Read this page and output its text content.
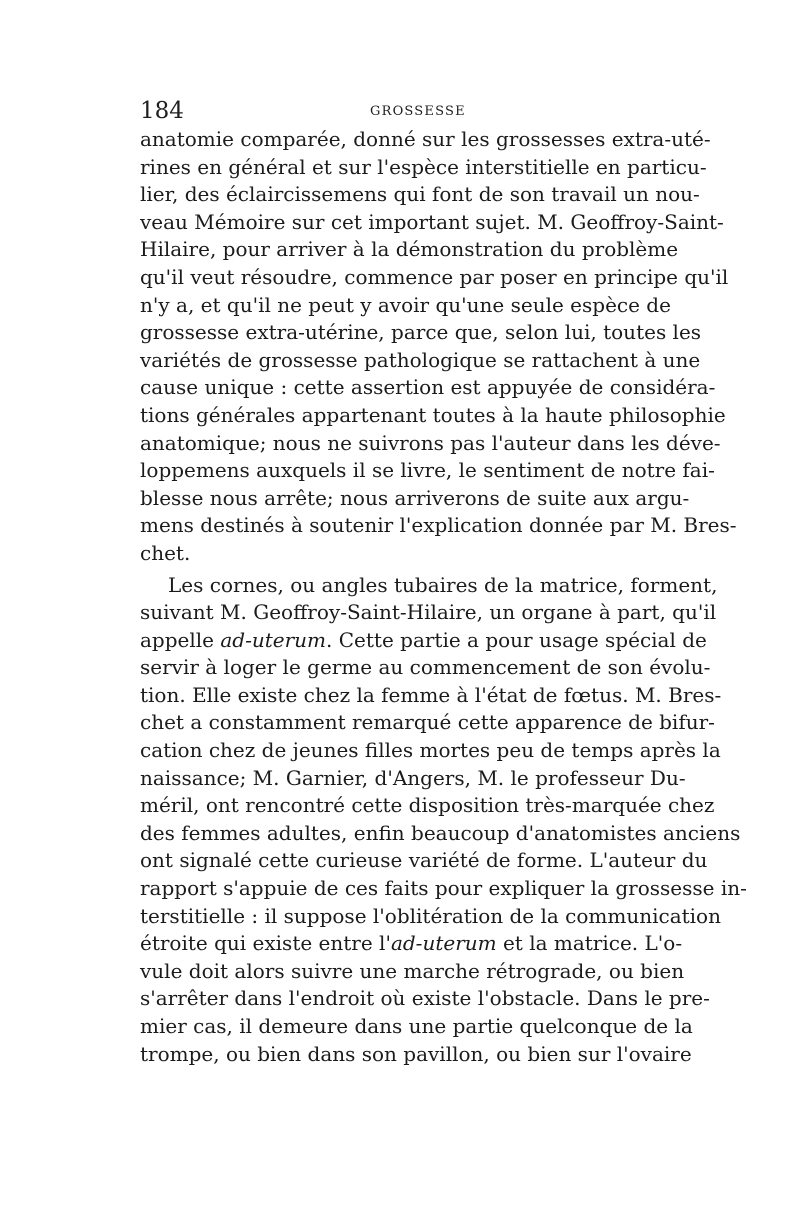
184	GROSSESSE

anatomie comparée, donné sur les grossesses extra-uté-
rines en général et sur l'espèce interstitielle en particu-
lier, des éclaircissemens qui font de son travail un nou-
veau Mémoire sur cet important sujet. M. Geoffroy-Saint-
Hilaire, pour arriver à la démonstration du problème
qu'il veut résoudre, commence par poser en principe qu'il
n'y a, et qu'il ne peut y avoir qu'une seule espèce de
grossesse extra-utérine, parce que, selon lui, toutes les
variétés de grossesse pathologique se rattachent à une
cause unique : cette assertion est appuyée de considéra-
tions générales appartenant toutes à la haute philosophie
anatomique; nous ne suivrons pas l'auteur dans les déve-
loppemens auxquels il se livre, le sentiment de notre fai-
blesse nous arrête; nous arriverons de suite aux argu-
mens destinés à soutenir l'explication donnée par M. Bres-
chet.

Les cornes, ou angles tubaires de la matrice, forment,
suivant M. Geoffroy-Saint-Hilaire, un organe à part, qu'il
appelle ad-uterum. Cette partie a pour usage spécial de
servir à loger le germe au commencement de son évolu-
tion. Elle existe chez la femme à l'état de fœtus. M. Bres-
chet a constamment remarqué cette apparence de bifur-
cation chez de jeunes filles mortes peu de temps après la
naissance; M. Garnier, d'Angers, M. le professeur Du-
méril, ont rencontré cette disposition très-marquée chez
des femmes adultes, enfin beaucoup d'anatomistes anciens
ont signalé cette curieuse variété de forme. L'auteur du
rapport s'appuie de ces faits pour expliquer la grossesse in-
terstitielle : il suppose l'oblitération de la communication
étroite qui existe entre l'ad-uterum et la matrice. L'o-
vule doit alors suivre une marche rétrograde, ou bien
s'arrêter dans l'endroit où existe l'obstacle. Dans le pre-
mier cas, il demeure dans une partie quelconque de la
trompe, ou bien dans son pavillon, ou bien sur l'ovaire
